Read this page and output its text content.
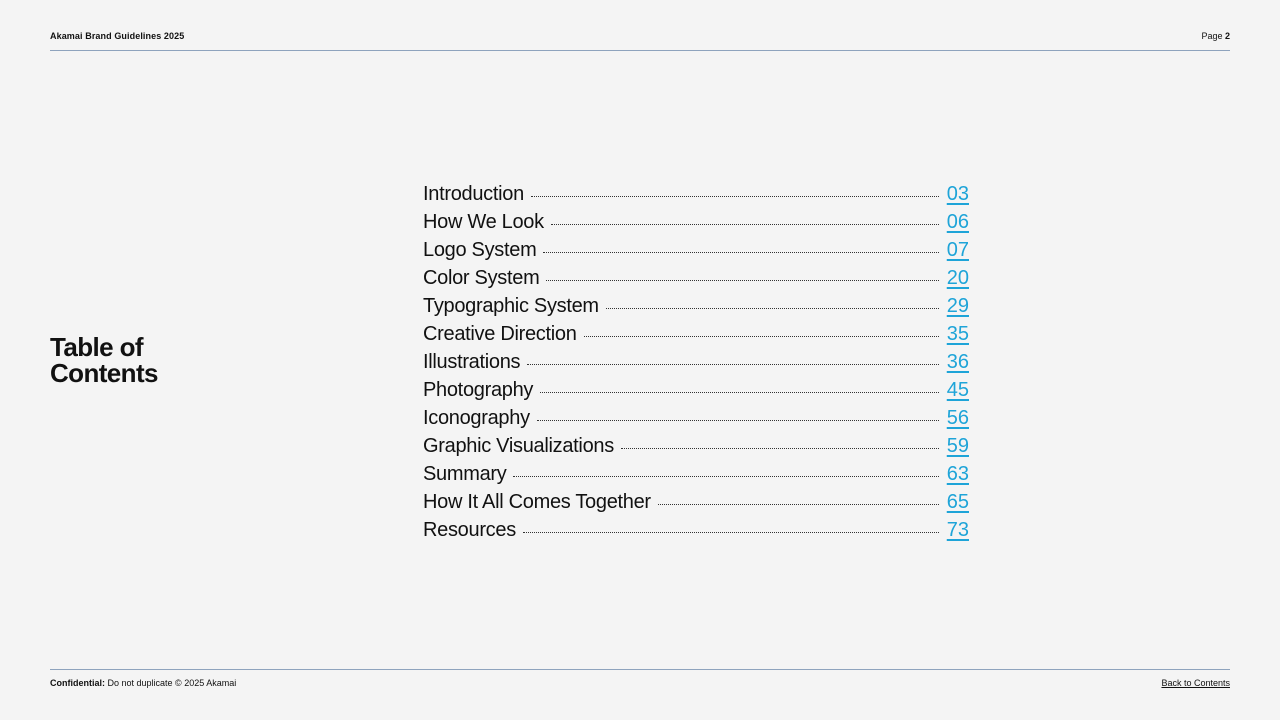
Akamai Brand Guidelines 2025	Page 2
Table of
Contents
Introduction	03
How We Look	06
Logo System	07
Color System	20
Typographic System	29
Creative Direction	35
Illustrations	36
Photography	45
Iconography	56
Graphic Visualizations	59
Summary	63
How It All Comes Together	65
Resources	73
Confidential: Do not duplicate © 2025 Akamai	Back to Contents
